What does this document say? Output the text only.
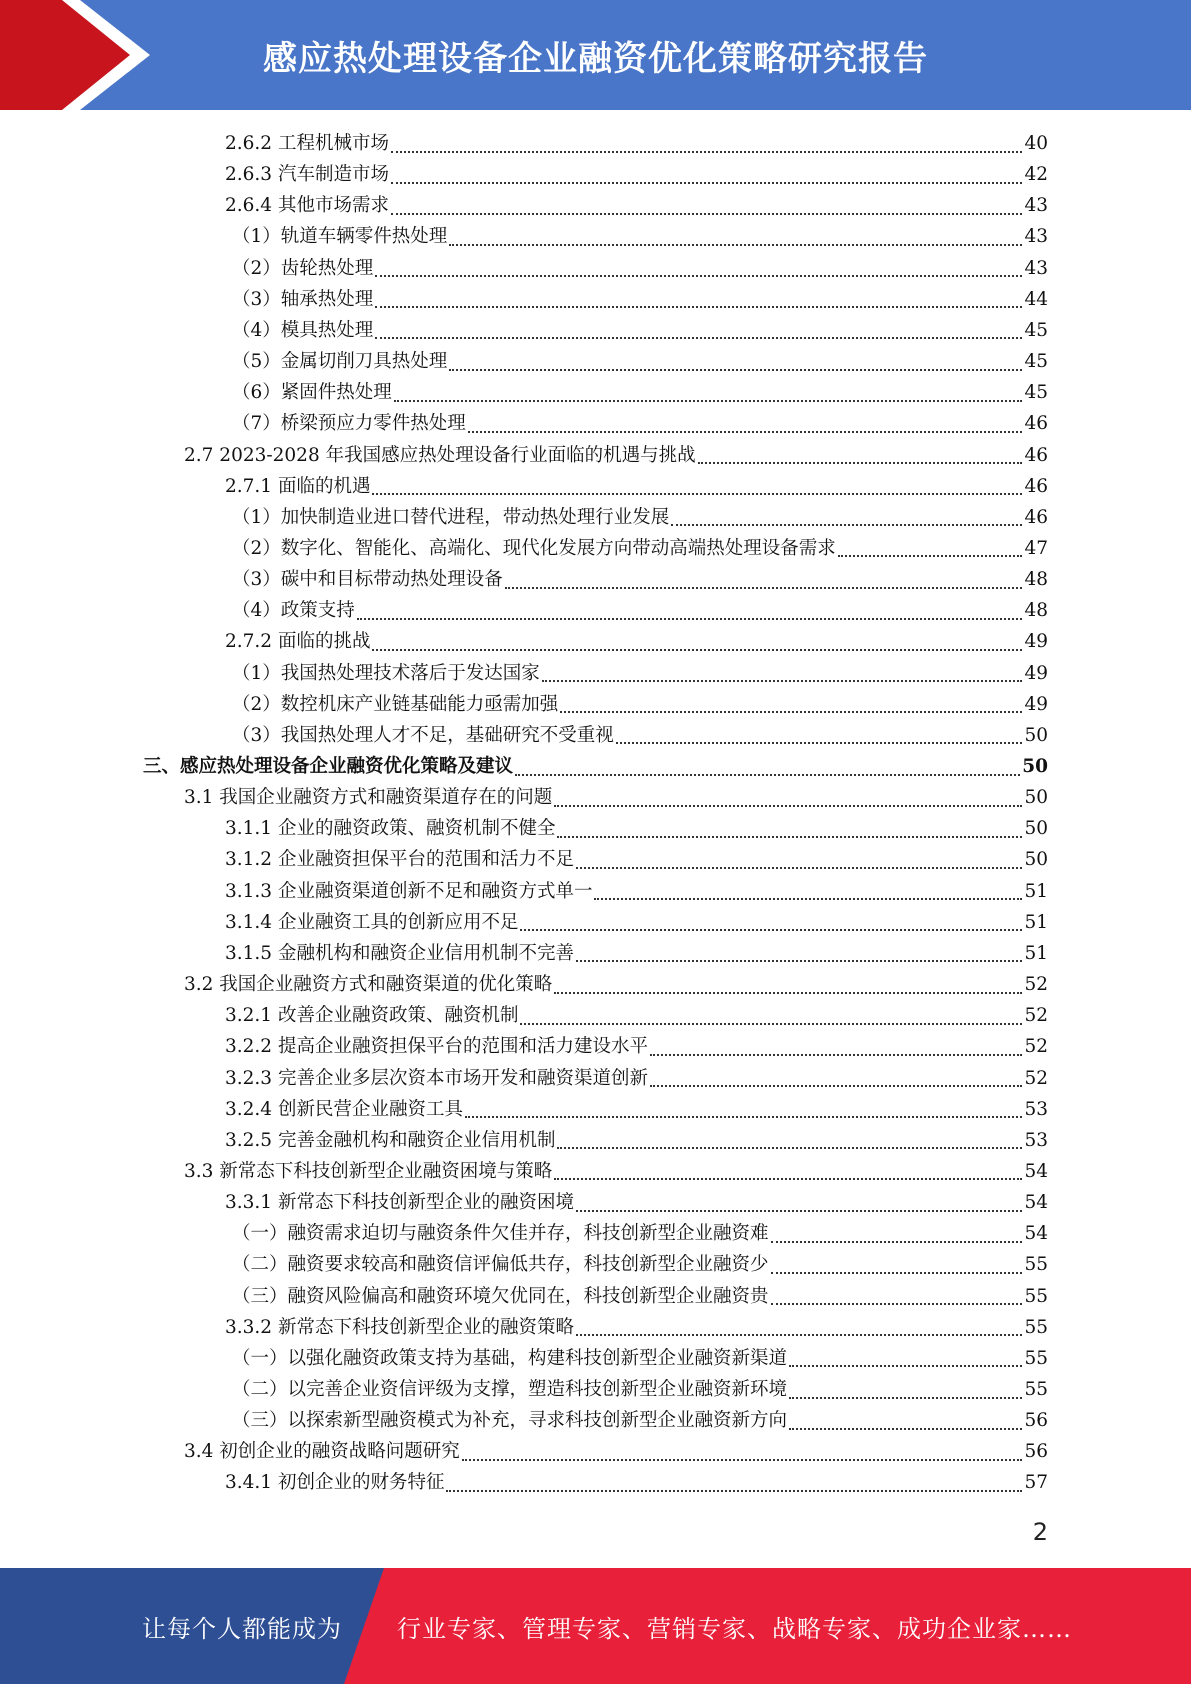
感应热处理设备企业融资优化策略研究报告
2.6.2 工程机械市场	40
2.6.3 汽车制造市场	42
2.6.4 其他市场需求	43
（1）轨道车辆零件热处理	43
（2）齿轮热处理	43
（3）轴承热处理	44
（4）模具热处理	45
（5）金属切削刀具热处理	45
（6）紧固件热处理	45
（7）桥梁预应力零件热处理	46
2.7 2023-2028 年我国感应热处理设备行业面临的机遇与挑战	46
2.7.1 面临的机遇	46
（1）加快制造业进口替代进程，带动热处理行业发展	46
（2）数字化、智能化、高端化、现代化发展方向带动高端热处理设备需求	47
（3）碳中和目标带动热处理设备	48
（4）政策支持	48
2.7.2 面临的挑战	49
（1）我国热处理技术落后于发达国家	49
（2）数控机床产业链基础能力亟需加强	49
（3）我国热处理人才不足，基础研究不受重视	50
三、感应热处理设备企业融资优化策略及建议	50
3.1 我国企业融资方式和融资渠道存在的问题	50
3.1.1 企业的融资政策、融资机制不健全	50
3.1.2 企业融资担保平台的范围和活力不足	50
3.1.3 企业融资渠道创新不足和融资方式单一	51
3.1.4 企业融资工具的创新应用不足	51
3.1.5 金融机构和融资企业信用机制不完善	51
3.2 我国企业融资方式和融资渠道的优化策略	52
3.2.1 改善企业融资政策、融资机制	52
3.2.2 提高企业融资担保平台的范围和活力建设水平	52
3.2.3 完善企业多层次资本市场开发和融资渠道创新	52
3.2.4 创新民营企业融资工具	53
3.2.5 完善金融机构和融资企业信用机制	53
3.3 新常态下科技创新型企业融资困境与策略	54
3.3.1 新常态下科技创新型企业的融资困境	54
（一）融资需求迫切与融资条件欠佳并存，科技创新型企业融资难	54
（二）融资要求较高和融资信评偏低共存，科技创新型企业融资少	55
（三）融资风险偏高和融资环境欠优同在，科技创新型企业融资贵	55
3.3.2 新常态下科技创新型企业的融资策略	55
（一）以强化融资政策支持为基础，构建科技创新型企业融资新渠道	55
（二）以完善企业资信评级为支撑，塑造科技创新型企业融资新环境	55
（三）以探索新型融资模式为补充，寻求科技创新型企业融资新方向	56
3.4 初创企业的融资战略问题研究	56
3.4.1 初创企业的财务特征	57
2
让每个人都能成为 行业专家、管理专家、营销专家、战略专家、成功企业家……
